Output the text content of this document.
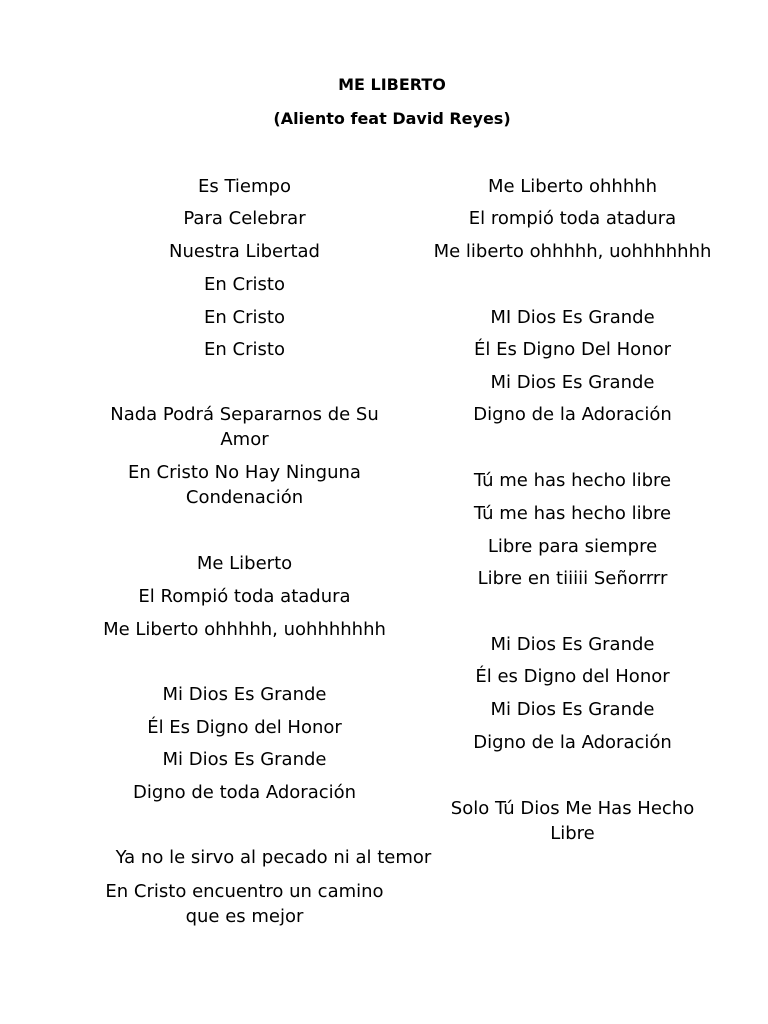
ME LIBERTO
(Aliento feat David Reyes)
Es Tiempo
Para Celebrar
Nuestra Libertad
En Cristo
En Cristo
En Cristo
Nada Podrá Separarnos de Su Amor
En Cristo No Hay Ninguna Condenación
Me Liberto
El Rompió toda atadura
Me Liberto ohhhhh, uohhhhhhh
Mi Dios Es Grande
Él Es Digno del Honor
Mi Dios Es Grande
Digno de toda Adoración
Ya no le sirvo al pecado ni al temor
En Cristo encuentro un camino que es mejor
Me Liberto ohhhhh
El rompió toda atadura
Me liberto ohhhhh, uohhhhhhh
MI Dios Es Grande
Él Es Digno Del Honor
Mi Dios Es Grande
Digno de la Adoración
Tú me has hecho libre
Tú me has hecho libre
Libre para siempre
Libre en tiiiii Señorrrr
Mi Dios Es Grande
Él es Digno del Honor
Mi Dios Es Grande
Digno de la Adoración
Solo Tú Dios Me Has Hecho Libre
